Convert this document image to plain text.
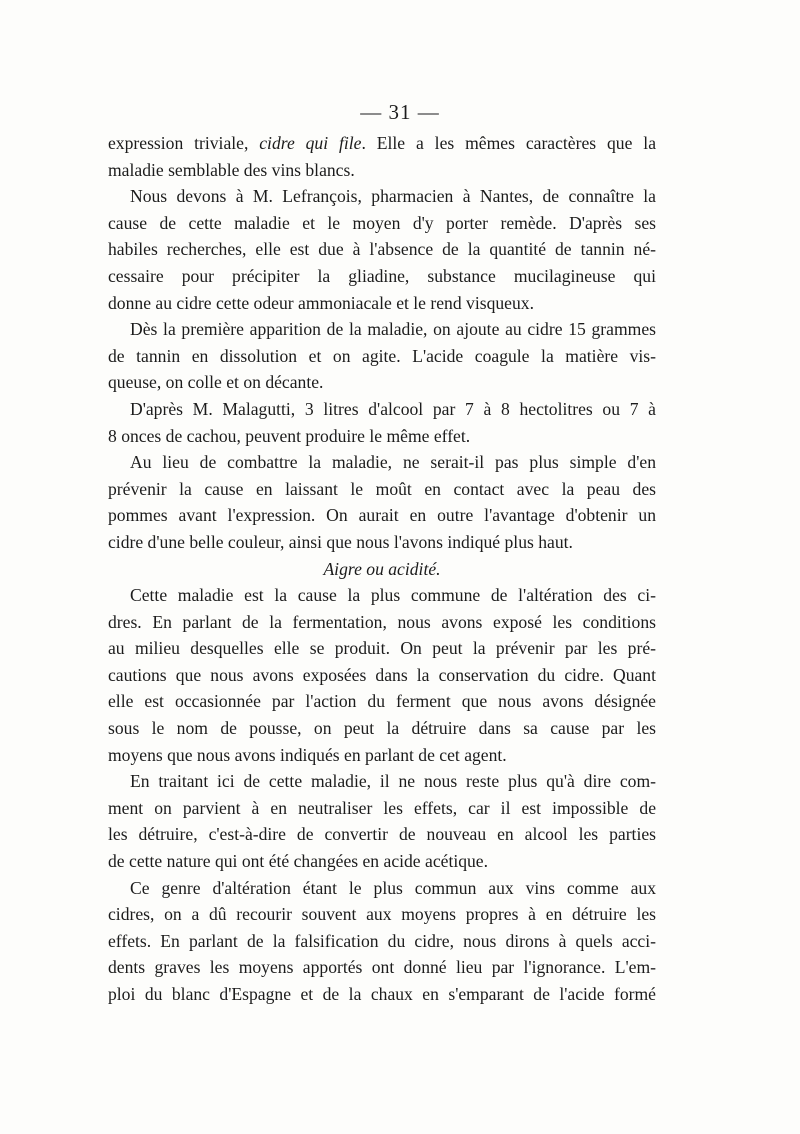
— 31 —
expression triviale, cidre qui file. Elle a les mêmes caractères que la
maladie semblable des vins blancs.
Nous devons à M. Lefrançois, pharmacien à Nantes, de connaître la
cause de cette maladie et le moyen d'y porter remède. D'après ses
habiles recherches, elle est due à l'absence de la quantité de tannin né-
cessaire pour précipiter la gliadine, substance mucilagineuse qui
donne au cidre cette odeur ammoniacale et le rend visqueux.
Dès la première apparition de la maladie, on ajoute au cidre 15 grammes
de tannin en dissolution et on agite. L'acide coagule la matière vis-
queuse, on colle et on décante.
D'après M. Malagutti, 3 litres d'alcool par 7 à 8 hectolitres ou 7 à
8 onces de cachou, peuvent produire le même effet.
Au lieu de combattre la maladie, ne serait-il pas plus simple d'en
prévenir la cause en laissant le moût en contact avec la peau des
pommes avant l'expression. On aurait en outre l'avantage d'obtenir un
cidre d'une belle couleur, ainsi que nous l'avons indiqué plus haut.
Aigre ou acidité.
Cette maladie est la cause la plus commune de l'altération des ci-
dres. En parlant de la fermentation, nous avons exposé les conditions
au milieu desquelles elle se produit. On peut la prévenir par les pré-
cautions que nous avons exposées dans la conservation du cidre. Quant
elle est occasionnée par l'action du ferment que nous avons désignée
sous le nom de pousse, on peut la détruire dans sa cause par les
moyens que nous avons indiqués en parlant de cet agent.
En traitant ici de cette maladie, il ne nous reste plus qu'à dire com-
ment on parvient à en neutraliser les effets, car il est impossible de
les détruire, c'est-à-dire de convertir de nouveau en alcool les parties
de cette nature qui ont été changées en acide acétique.
Ce genre d'altération étant le plus commun aux vins comme aux
cidres, on a dû recourir souvent aux moyens propres à en détruire les
effets. En parlant de la falsification du cidre, nous dirons à quels acci-
dents graves les moyens apportés ont donné lieu par l'ignorance. L'em-
ploi du blanc d'Espagne et de la chaux en s'emparant de l'acide formé
